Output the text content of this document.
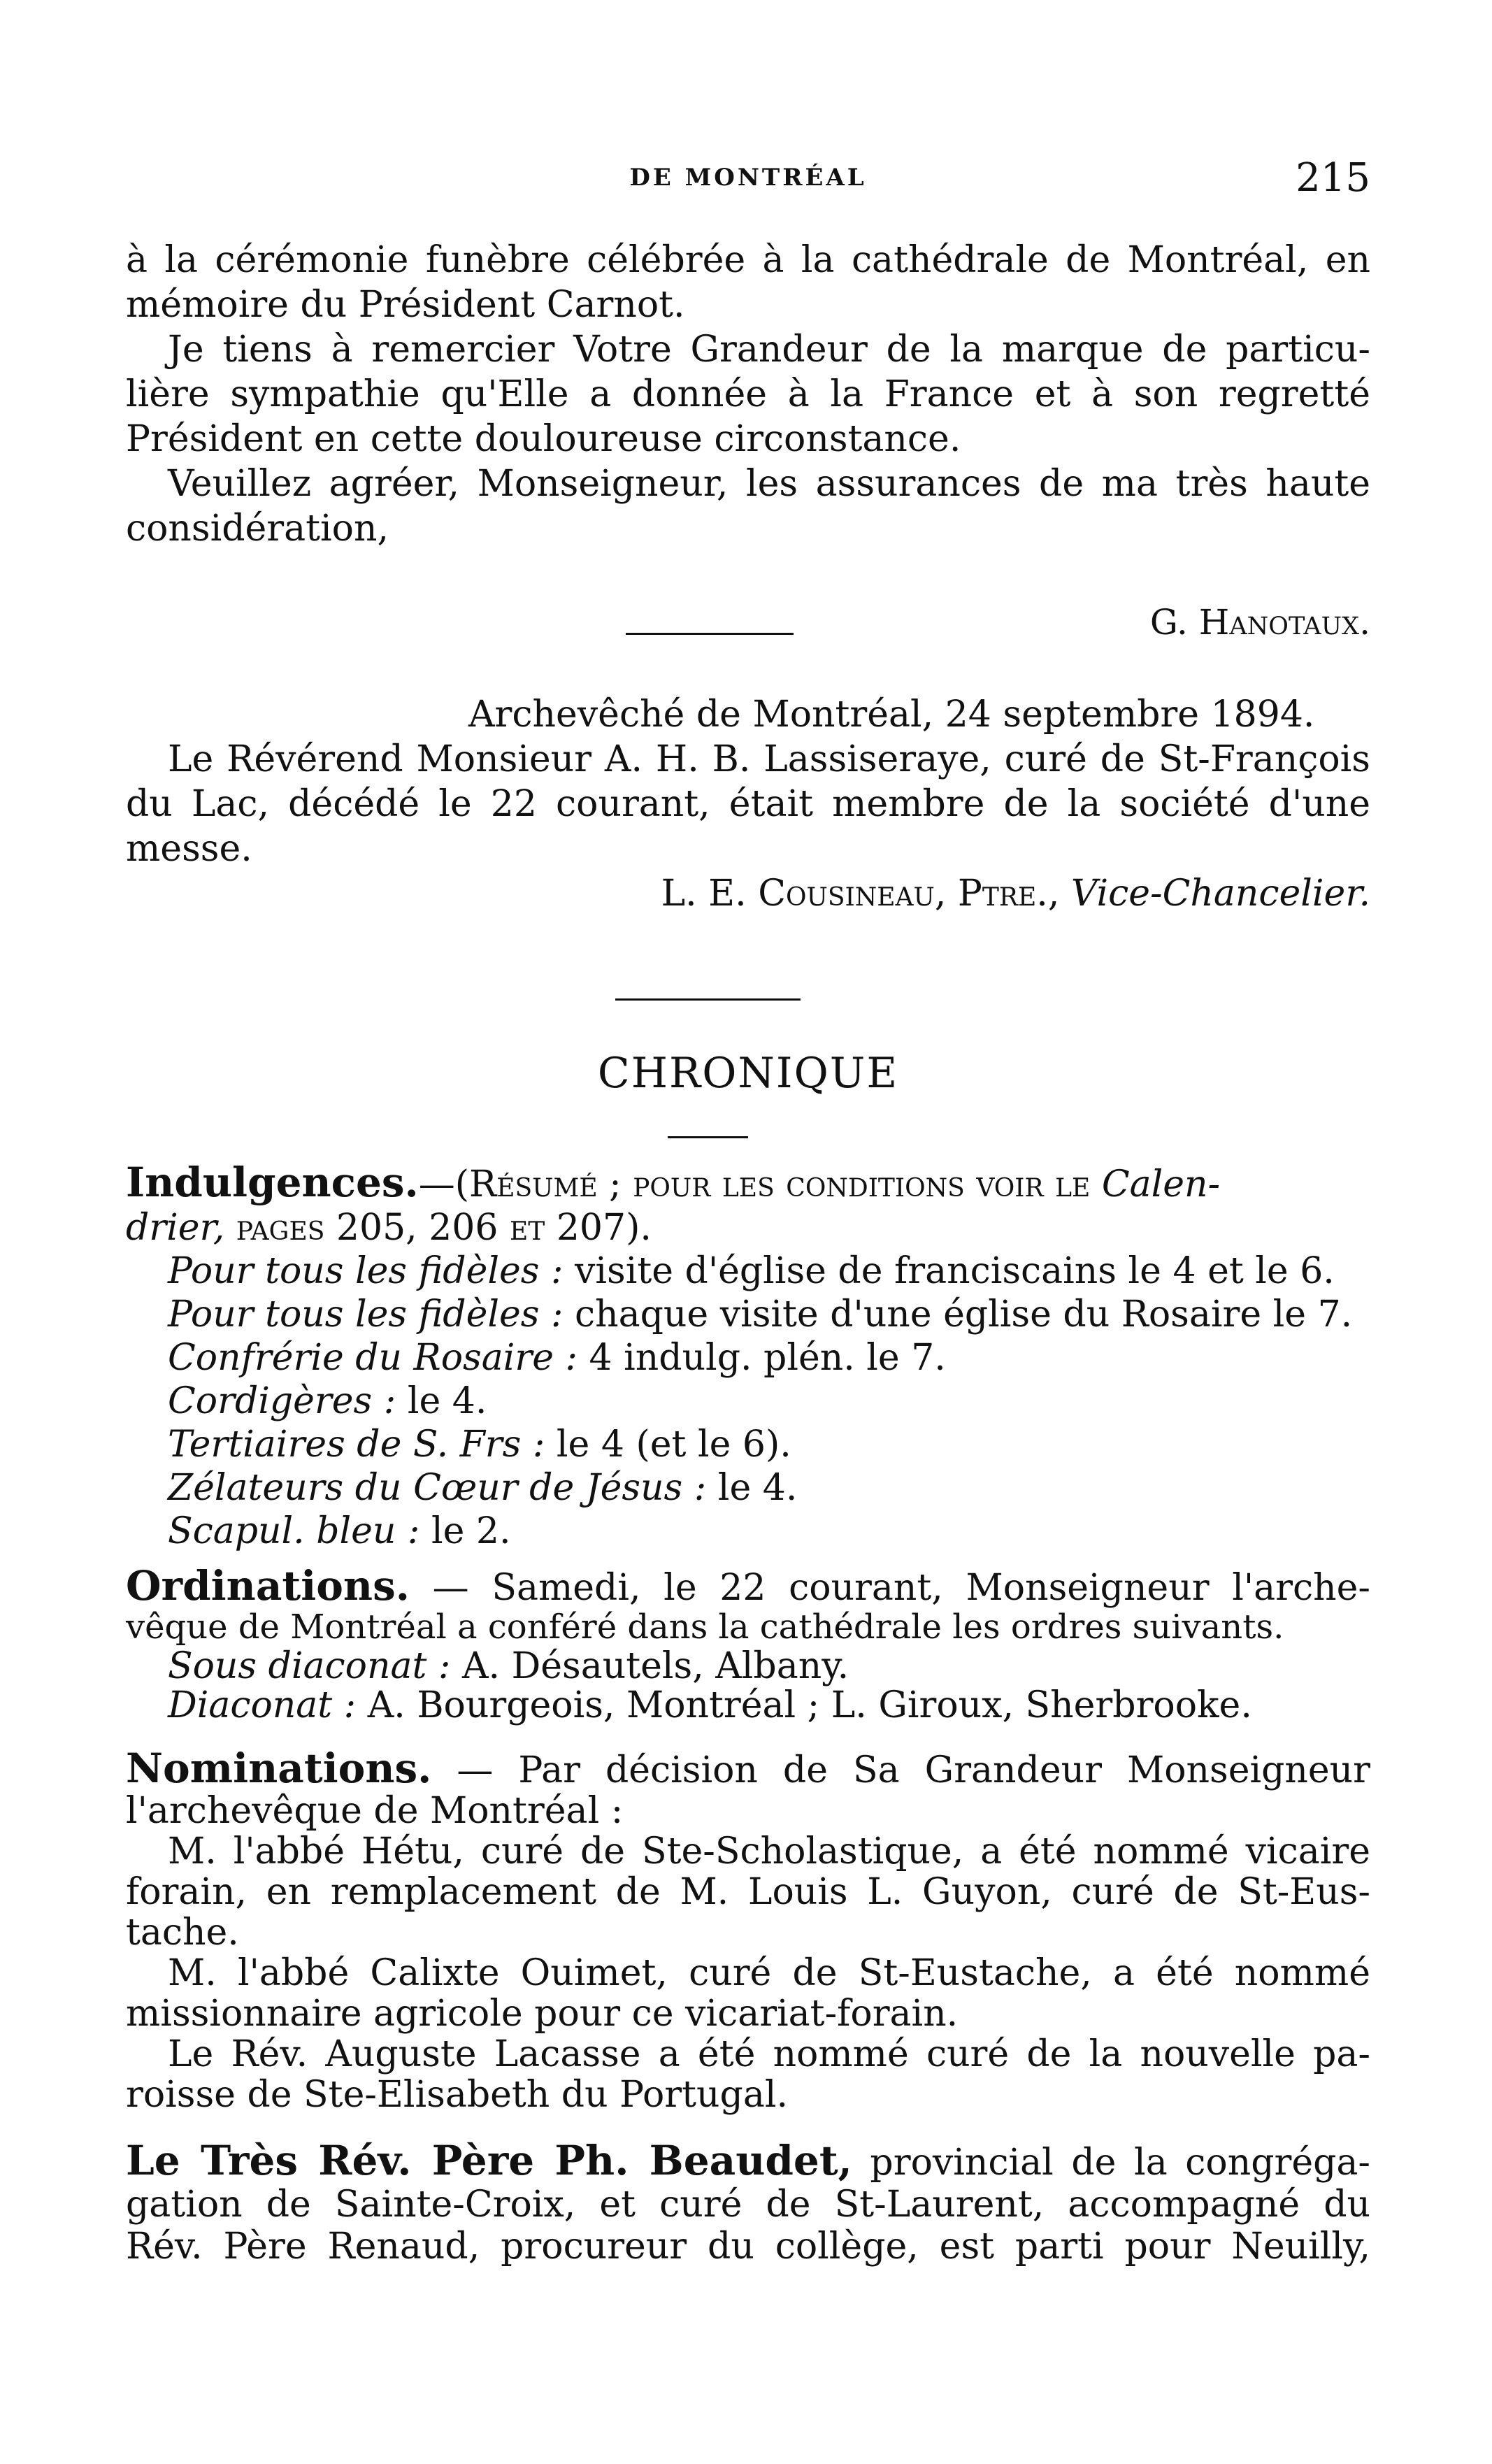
DE MONTRÉAL	215
à la cérémonie funèbre célébrée à la cathédrale de Montréal, en
mémoire du Président Carnot.
Je tiens à remercier Votre Grandeur de la marque de particu-
lière sympathie qu'Elle a donnée à la France et à son regretté
Président en cette douloureuse circonstance.
Veuillez agréer, Monseigneur, les assurances de ma très haute
considération,
G. Hanotaux.
Archevêché de Montréal, 24 septembre 1894.
Le Révérend Monsieur A. H. B. Lassiseraye, curé de St-François
du Lac, décédé le 22 courant, était membre de la société d'une
messe.
L. E. Cousineau, Ptre., Vice-Chancelier.
CHRONIQUE
Indulgences.—(Résumé ; pour les conditions voir le Calen-
drier, pages 205, 206 et 207).
Pour tous les fidèles : visite d'église de franciscains le 4 et le 6.
Pour tous les fidèles : chaque visite d'une église du Rosaire le 7.
Confrérie du Rosaire : 4 indulg. plén. le 7.
Cordigères : le 4.
Tertiaires de S. Frs : le 4 (et le 6).
Zélateurs du Cœur de Jésus : le 4.
Scapul. bleu : le 2.
Ordinations. — Samedi, le 22 courant, Monseigneur l'arche-
vêque de Montréal a conféré dans la cathédrale les ordres suivants.
Sous diaconat : A. Désautels, Albany.
Diaconat : A. Bourgeois, Montréal ; L. Giroux, Sherbrooke.
Nominations. — Par décision de Sa Grandeur Monseigneur
l'archevêque de Montréal :
M. l'abbé Hétu, curé de Ste-Scholastique, a été nommé vicaire
forain, en remplacement de M. Louis L. Guyon, curé de St-Eus-
tache.
M. l'abbé Calixte Ouimet, curé de St-Eustache, a été nommé
missionnaire agricole pour ce vicariat-forain.
Le Rév. Auguste Lacasse a été nommé curé de la nouvelle pa-
roisse de Ste-Elisabeth du Portugal.
Le Très Rév. Père Ph. Beaudet, provincial de la congréga-
gation de Sainte-Croix, et curé de St-Laurent, accompagné du
Rév. Père Renaud, procureur du collège, est parti pour Neuilly,
